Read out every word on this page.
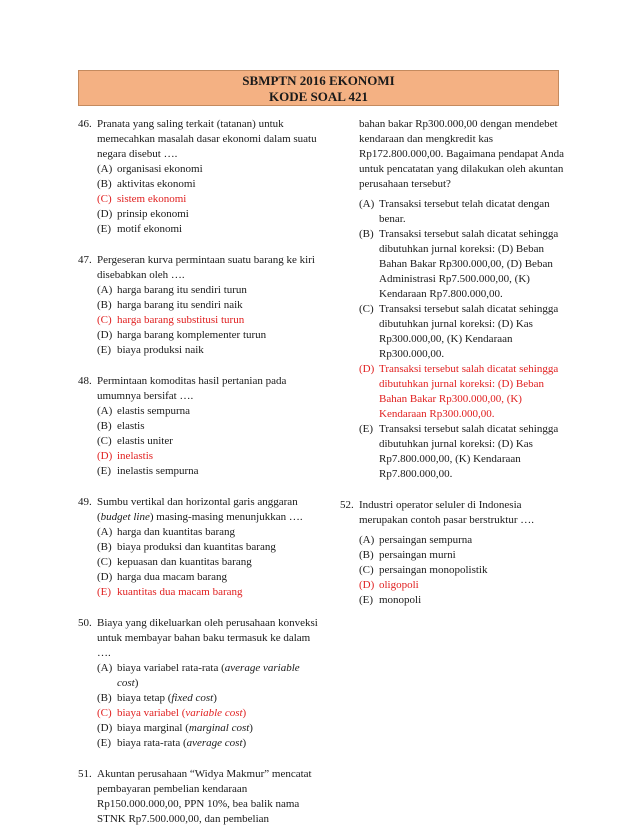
SBMPTN 2016 EKONOMI
KODE SOAL 421
46. Pranata yang saling terkait (tatanan) untuk memecahkan masalah dasar ekonomi dalam suatu negara disebut ….
(A) organisasi ekonomi
(B) aktivitas ekonomi
(C) sistem ekonomi
(D) prinsip ekonomi
(E) motif ekonomi
47. Pergeseran kurva permintaan suatu barang ke kiri disebabkan oleh ….
(A) harga barang itu sendiri turun
(B) harga barang itu sendiri naik
(C) harga barang substitusi turun
(D) harga barang komplementer turun
(E) biaya produksi naik
48. Permintaan komoditas hasil pertanian pada umumnya bersifat ….
(A) elastis sempurna
(B) elastis
(C) elastis uniter
(D) inelastis
(E) inelastis sempurna
49. Sumbu vertikal dan horizontal garis anggaran (budget line) masing-masing menunjukkan ….
(A) harga dan kuantitas barang
(B) biaya produksi dan kuantitas barang
(C) kepuasan dan kuantitas barang
(D) harga dua macam barang
(E) kuantitas dua macam barang
50. Biaya yang dikeluarkan oleh perusahaan konveksi untuk membayar bahan baku termasuk ke dalam ….
(A) biaya variabel rata-rata (average variable cost)
(B) biaya tetap (fixed cost)
(C) biaya variabel (variable cost)
(D) biaya marginal (marginal cost)
(E) biaya rata-rata (average cost)
51. Akuntan perusahaan “Widya Makmur” mencatat pembayaran pembelian kendaraan Rp150.000.000,00, PPN 10%, bea balik nama STNK Rp7.500.000,00, dan pembelian
bahan bakar Rp300.000,00 dengan mendebet kendaraan dan mengkredit kas Rp172.800.000,00. Bagaimana pendapat Anda untuk pencatatan yang dilakukan oleh akuntan perusahaan tersebut?
(A) Transaksi tersebut telah dicatat dengan benar.
(B) Transaksi tersebut salah dicatat sehingga dibutuhkan jurnal koreksi: (D) Beban Bahan Bakar Rp300.000,00, (D) Beban Administrasi Rp7.500.000,00, (K) Kendaraan Rp7.800.000,00.
(C) Transaksi tersebut salah dicatat sehingga dibutuhkan jurnal koreksi: (D) Kas Rp300.000,00, (K) Kendaraan Rp300.000,00.
(D) Transaksi tersebut salah dicatat sehingga dibutuhkan jurnal koreksi: (D) Beban Bahan Bakar Rp300.000,00, (K) Kendaraan Rp300.000,00.
(E) Transaksi tersebut salah dicatat sehingga dibutuhkan jurnal koreksi: (D) Kas Rp7.800.000,00, (K) Kendaraan Rp7.800.000,00.
52. Industri operator seluler di Indonesia merupakan contoh pasar berstruktur ….
(A) persaingan sempurna
(B) persaingan murni
(C) persaingan monopolistik
(D) oligopoli
(E) monopoli
